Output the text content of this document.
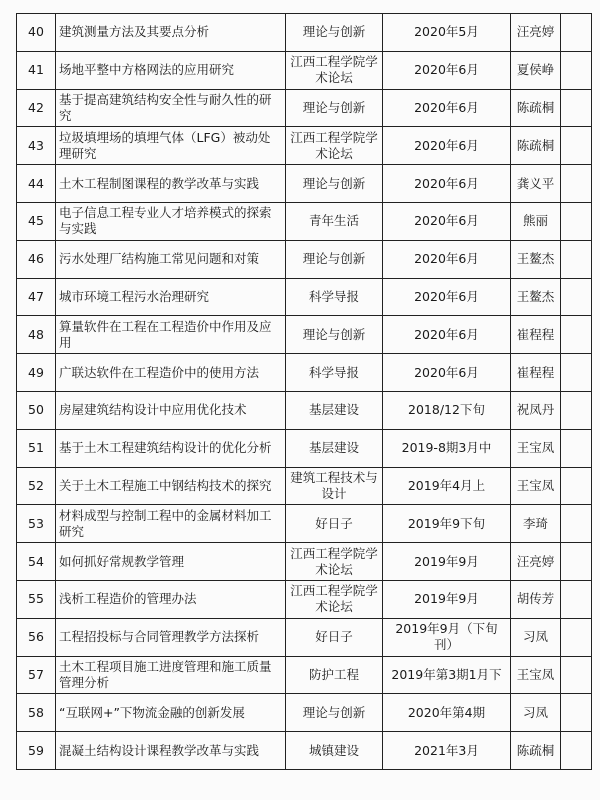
40	建筑测量方法及其要点分析	理论与创新	2020年5月	汪亮婷	
41	场地平整中方格网法的应用研究	江西工程学院学术论坛	2020年6月	夏侯峥	
42	基于提高建筑结构安全性与耐久性的研究	理论与创新	2020年6月	陈疏桐	
43	垃圾填埋场的填埋气体（LFG）被动处理研究	江西工程学院学术论坛	2020年6月	陈疏桐	
44	土木工程制图课程的教学改革与实践	理论与创新	2020年6月	龚义平	
45	电子信息工程专业人才培养模式的探索与实践	青年生活	2020年6月	熊丽	
46	污水处理厂结构施工常见问题和对策	理论与创新	2020年6月	王鳌杰	
47	城市环境工程污水治理研究	科学导报	2020年6月	王鳌杰	
48	算量软件在工程在工程造价中作用及应用	理论与创新	2020年6月	崔程程	
49	广联达软件在工程造价中的使用方法	科学导报	2020年6月	崔程程	
50	房屋建筑结构设计中应用优化技术	基层建设	2018/12下旬	祝凤丹	
51	基于土木工程建筑结构设计的优化分析	基层建设	2019-8期3月中	王宝凤	
52	关于土木工程施工中钢结构技术的探究	建筑工程技术与设计	2019年4月上	王宝凤	
53	材料成型与控制工程中的金属材料加工研究	好日子	2019年9下旬	李琦	
54	如何抓好常规教学管理	江西工程学院学术论坛	2019年9月	汪亮婷	
55	浅析工程造价的管理办法	江西工程学院学术论坛	2019年9月	胡传芳	
56	工程招投标与合同管理教学方法探析	好日子	2019年9月（下旬刊）	习凤	
57	土木工程项目施工进度管理和施工质量管理分析	防护工程	2019年第3期1月下	王宝凤	
58	“互联网+”下物流金融的创新发展	理论与创新	2020年第4期	习凤	
59	混凝土结构设计课程教学改革与实践	城镇建设	2021年3月	陈疏桐	
